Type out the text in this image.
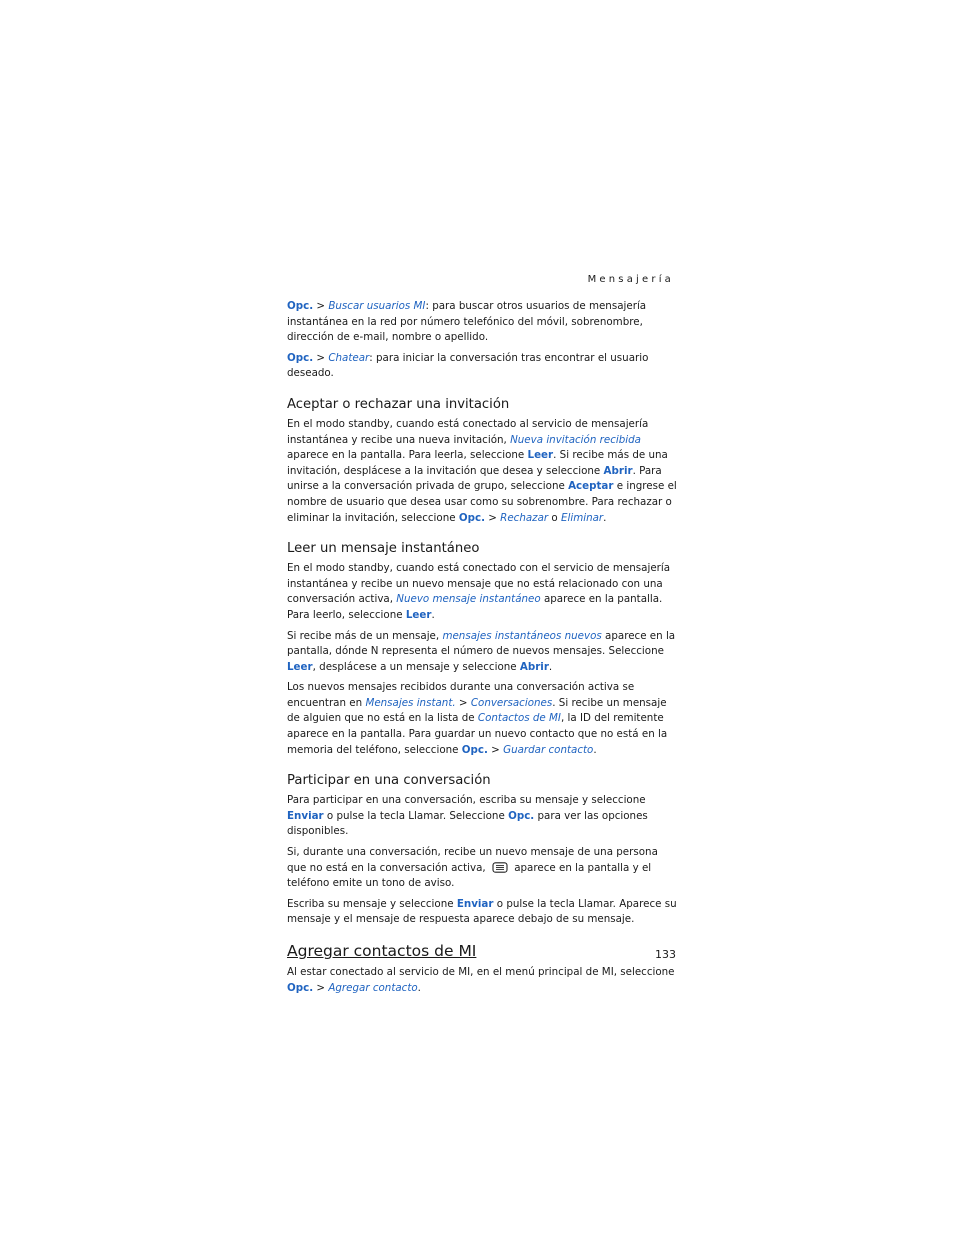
Mensajería

Opc. > Buscar usuarios MI: para buscar otros usuarios de mensajería instantánea en la red por número telefónico del móvil, sobrenombre, dirección de e-mail, nombre o apellido.

Opc. > Chatear: para iniciar la conversación tras encontrar el usuario deseado.

Aceptar o rechazar una invitación

En el modo standby, cuando está conectado al servicio de mensajería instantánea y recibe una nueva invitación, Nueva invitación recibida aparece en la pantalla. Para leerla, seleccione Leer. Si recibe más de una invitación, desplácese a la invitación que desea y seleccione Abrir. Para unirse a la conversación privada de grupo, seleccione Aceptar e ingrese el nombre de usuario que desea usar como su sobrenombre. Para rechazar o eliminar la invitación, seleccione Opc. > Rechazar o Eliminar.

Leer un mensaje instantáneo

En el modo standby, cuando está conectado con el servicio de mensajería instantánea y recibe un nuevo mensaje que no está relacionado con una conversación activa, Nuevo mensaje instantáneo aparece en la pantalla. Para leerlo, seleccione Leer.

Si recibe más de un mensaje, mensajes instantáneos nuevos aparece en la pantalla, dónde N representa el número de nuevos mensajes. Seleccione Leer, desplácese a un mensaje y seleccione Abrir.

Los nuevos mensajes recibidos durante una conversación activa se encuentran en Mensajes instant. > Conversaciones. Si recibe un mensaje de alguien que no está en la lista de Contactos de MI, la ID del remitente aparece en la pantalla. Para guardar un nuevo contacto que no está en la memoria del teléfono, seleccione Opc. > Guardar contacto.

Participar en una conversación

Para participar en una conversación, escriba su mensaje y seleccione Enviar o pulse la tecla Llamar. Seleccione Opc. para ver las opciones disponibles.

Si, durante una conversación, recibe un nuevo mensaje de una persona que no está en la conversación activa,  aparece en la pantalla y el teléfono emite un tono de aviso.

Escriba su mensaje y seleccione Enviar o pulse la tecla Llamar. Aparece su mensaje y el mensaje de respuesta aparece debajo de su mensaje.

Agregar contactos de MI

Al estar conectado al servicio de MI, en el menú principal de MI, seleccione Opc. > Agregar contacto.

133
